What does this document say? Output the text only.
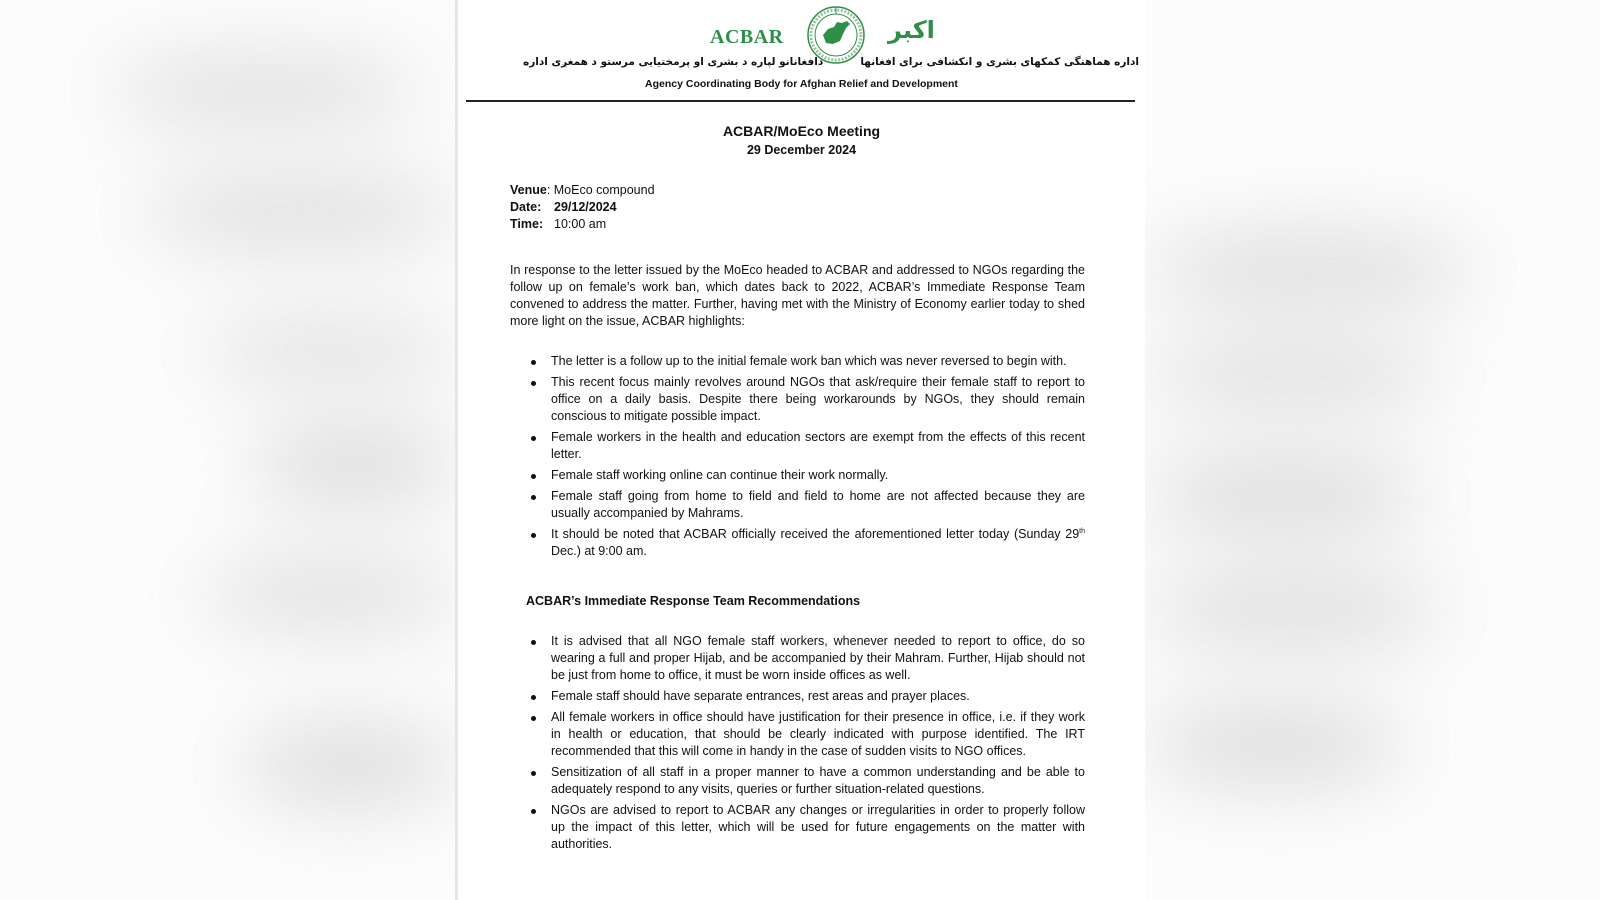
ACBAR	اکبر
دافغانانو لپاره د بشری او پرمختیایی مرستو د همغږی اداره	اداره هماهنگی کمکهای بشری و انکشافی برای افغانها
Agency Coordinating Body for Afghan Relief and Development
ACBAR/MoEco Meeting
29 December 2024
Venue: MoEco compound
Date: 29/12/2024
Time: 10:00 am
In response to the letter issued by the MoEco headed to ACBAR and addressed to NGOs regarding the follow up on female’s work ban, which dates back to 2022, ACBAR’s Immediate Response Team convened to address the matter. Further, having met with the Ministry of Economy earlier today to shed more light on the issue, ACBAR highlights:
The letter is a follow up to the initial female work ban which was never reversed to begin with.
This recent focus mainly revolves around NGOs that ask/require their female staff to report to office on a daily basis. Despite there being workarounds by NGOs, they should remain conscious to mitigate possible impact.
Female workers in the health and education sectors are exempt from the effects of this recent letter.
Female staff working online can continue their work normally.
Female staff going from home to field and field to home are not affected because they are usually accompanied by Mahrams.
It should be noted that ACBAR officially received the aforementioned letter today (Sunday 29th Dec.) at 9:00 am.
ACBAR’s Immediate Response Team Recommendations
It is advised that all NGO female staff workers, whenever needed to report to office, do so wearing a full and proper Hijab, and be accompanied by their Mahram. Further, Hijab should not be just from home to office, it must be worn inside offices as well.
Female staff should have separate entrances, rest areas and prayer places.
All female workers in office should have justification for their presence in office, i.e. if they work in health or education, that should be clearly indicated with purpose identified. The IRT recommended that this will come in handy in the case of sudden visits to NGO offices.
Sensitization of all staff in a proper manner to have a common understanding and be able to adequately respond to any visits, queries or further situation-related questions.
NGOs are advised to report to ACBAR any changes or irregularities in order to properly follow up the impact of this letter, which will be used for future engagements on the matter with authorities.
